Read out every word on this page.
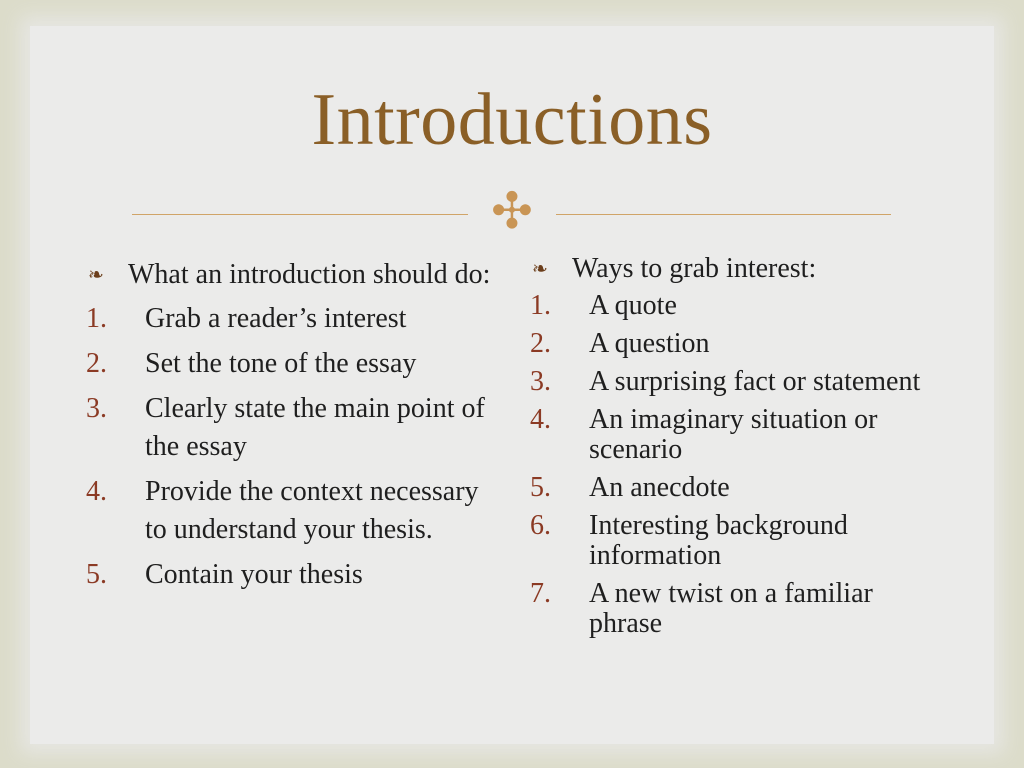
Introductions
✣
❧ What an introduction should do:
1. Grab a reader’s interest
2. Set the tone of the essay
3. Clearly state the main point of the essay
4. Provide the context necessary to understand your thesis.
5. Contain your thesis
❧ Ways to grab interest:
1. A quote
2. A question
3. A surprising fact or statement
4. An imaginary situation or scenario
5. An anecdote
6. Interesting background information
7. A new twist on a familiar phrase
